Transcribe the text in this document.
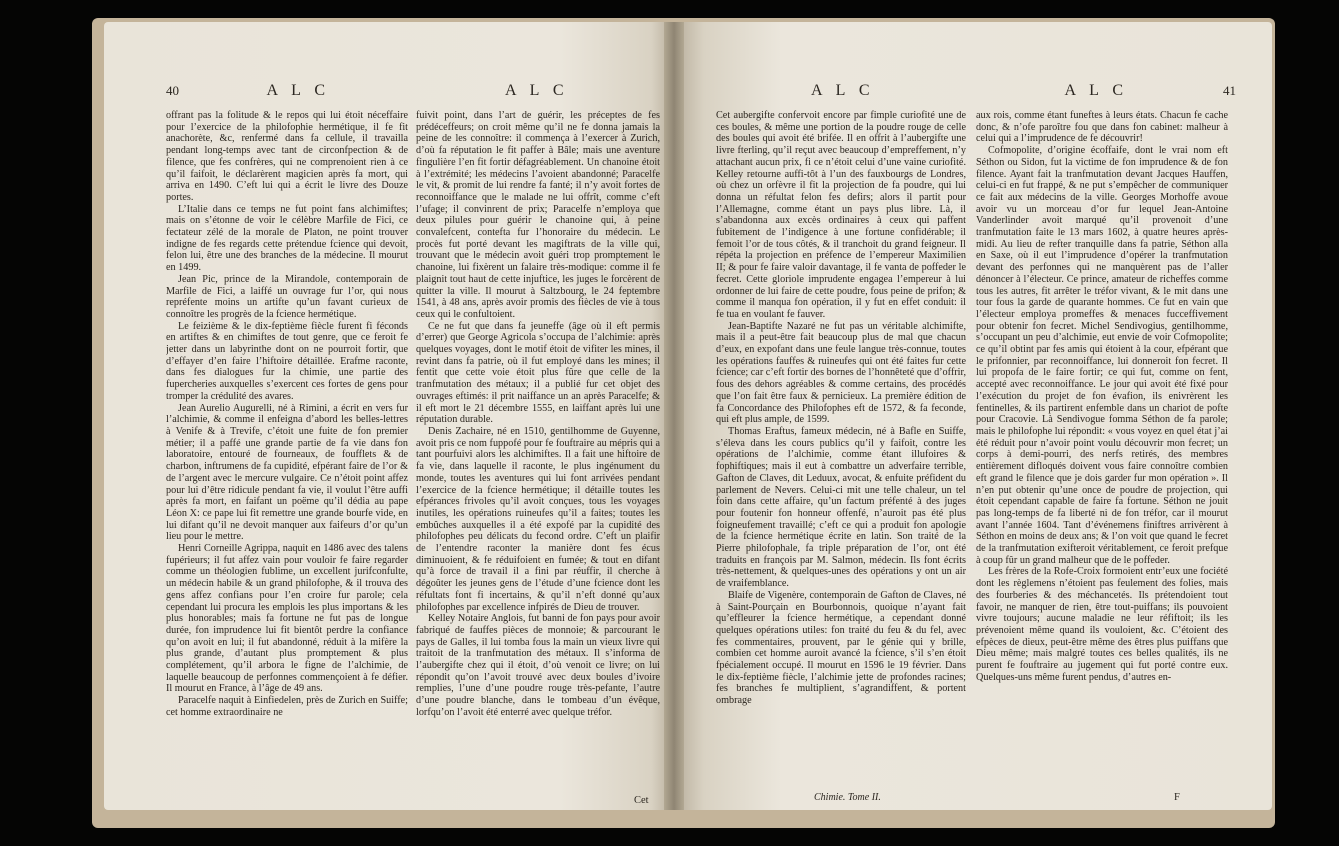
40	A L C	A L C

offrant pas la folitude & le repos qui lui étoit néceffaire pour l’exercice de la philofophie hermétique, il fe fit anachorète, &c, renfermé dans fa cellule, il travailla pendant long-temps avec tant de circonfpection & de filence, que fes confrères, qui ne comprenoient rien à ce qu’il faifoit, le déclarèrent magicien après fa mort, qui arriva en 1490. C’eft lui qui a écrit le livre des Douze portes.

L’Italie dans ce temps ne fut point fans alchimiftes; mais on s’étonne de voir le célèbre Marfile de Fici, ce fectateur zélé de la morale de Platon, ne point trouver indigne de fes regards cette prétendue fcience qui devoit, felon lui, être une des branches de la médecine. Il mourut en 1499.

Jean Pic, prince de la Mirandole, contemporain de Marfile de Fici, a laiffé un ouvrage fur l’or, qui nous repréfente moins un artifte qu’un favant curieux de connoître les progrès de la fcience hermétique.

Le feizième & le dix-feptième fiècle furent fi féconds en artiftes & en chimiftes de tout genre, que ce feroit fe jetter dans un labyrinthe dont on ne pourroit fortir, que d’effayer d’en faire l’hiftoire détaillée. Erafme raconte, dans fes dialogues fur la chimie, une partie des fupercheries auxquelles s’exercent ces fortes de gens pour tromper la crédulité des avares.

Jean Aurelio Augurelli, né à Rimini, a écrit en vers fur l’alchimie, & comme il enfeigna d’abord les belles-lettres à Venife & à Trevife, c’étoit une fuite de fon premier métier; il a paffé une grande partie de fa vie dans fon laboratoire, entouré de fourneaux, de foufflets & de charbon, inftrumens de fa cupidité, efpérant faire de l’or & de l’argent avec le mercure vulgaire. Ce n’étoit point affez pour lui d’être ridicule pendant fa vie, il voulut l’être auffi après fa mort, en faifant un poëme qu’il dédia au pape Léon X: ce pape lui fit remettre une grande bourfe vide, en lui difant qu’il ne devoit manquer aux faifeurs d’or qu’un lieu pour le mettre.

Henri Corneille Agrippa, naquit en 1486 avec des talens fupérieurs; il fut affez vain pour vouloir fe faire regarder comme un théologien fublime, un excellent jurifconfulte, un médecin habile & un grand philofophe, & il trouva des gens affez confians pour l’en croire fur parole; cela cependant lui procura les emplois les plus importans & les plus honorables; mais fa fortune ne fut pas de longue durée, fon imprudence lui fit bientôt perdre la confiance qu’on avoit en lui; il fut abandonné, réduit à la mifère la plus grande, d’autant plus promptement & plus complétement, qu’il arbora le figne de l’alchimie, de laquelle beaucoup de perfonnes commençoient à fe défier. Il mourut en France, à l’âge de 49 ans.

Paracelfe naquit à Einfiedelen, près de Zurich en Suiffe; cet homme extraordinaire ne

fuivit point, dans l’art de guérir, les préceptes de fes prédéceffeurs; on croit même qu’il ne fe donna jamais la peine de les connoître: il commença à l’exercer à Zurich, d’où fa réputation le fit paffer à Bâle; mais une aventure fingulière l’en fit fortir défagréablement. Un chanoine étoit à l’extrémité; les médecins l’avoient abandonné; Paracelfe le vit, & promit de lui rendre fa fanté; il n’y avoit fortes de reconnoiffance que le malade ne lui offrît, comme c’eft l’ufage; il convinrent de prix; Paracelfe n’employa que deux pilules pour guérir le chanoine qui, à peine convalefcent, contefta fur l’honoraire du médecin. Le procès fut porté devant les magiftrats de la ville qui, trouvant que le médecin avoit guéri trop promptement le chanoine, lui fixèrent un falaire très-modique: comme il fe plaignit tout haut de cette injuftice, les juges le forcèrent de quitter la ville. Il mourut à Saltzbourg, le 24 feptembre 1541, à 48 ans, après avoir promis des fiècles de vie à tous ceux qui le confultoient.

Ce ne fut que dans fa jeuneffe (âge où il eft permis d’errer) que George Agricola s’occupa de l’alchimie: après quelques voyages, dont le motif étoit de vifiter les mines, il revint dans fa patrie, où il fut employé dans les mines; il fentit que cette voie étoit plus fûre que celle de la tranfmutation des métaux; il a publié fur cet objet des ouvrages eftimés: il prit naiffance un an après Paracelfe; & il eft mort le 21 décembre 1555, en laiffant après lui une réputation durable.

Denis Zachaire, né en 1510, gentilhomme de Guyenne, avoit pris ce nom fuppofé pour fe fouftraire au mépris qui a tant pourfuivi alors les alchimiftes. Il a fait une hiftoire de fa vie, dans laquelle il raconte, le plus ingénument du monde, toutes les aventures qui lui font arrivées pendant l’exercice de la fcience hermétique; il détaille toutes les efpérances frivoles qu’il avoit conçues, tous les voyages inutiles, les opérations ruineufes qu’il a faites; toutes les embûches auxquelles il a été expofé par la cupidité des philofophes peu délicats du fecond ordre. C’eft un plaifir de l’entendre raconter la manière dont fes écus diminuoient, & fe réduifoient en fumée; & tout en difant qu’à force de travail il a fini par réuffir, il cherche à dégoûter les jeunes gens de l’étude d’une fcience dont les réfultats font fi incertains, & qu’il n’eft donné qu’aux philofophes par excellence infpirés de Dieu de trouver.

Kelley Notaire Anglois, fut banni de fon pays pour avoir fabriqué de fauffes pièces de monnoie; & parcourant le pays de Galles, il lui tomba fous la main un vieux livre qui traitoit de la tranfmutation des métaux. Il s’informa de l’aubergifte chez qui il étoit, d’où venoit ce livre; on lui répondit qu’on l’avoit trouvé avec deux boules d’ivoire remplies, l’une d’une poudre rouge très-pefante, l’autre d’une poudre blanche, dans le tombeau d’un évêque, lorfqu’on l’avoit été enterré avec quelque tréfor.

Cet
A L C	A L C	41

Cet aubergifte confervoit encore par fimple curiofité une de ces boules, & même une portion de la poudre rouge de celle des boules qui avoit été brifée. Il en offrit à l’aubergifte une livre fterling, qu’il reçut avec beaucoup d’empreffement, n’y attachant aucun prix, fi ce n’étoit celui d’une vaine curiofité. Kelley retourne auffi-tôt à l’un des fauxbourgs de Londres, où chez un orfèvre il fit la projection de fa poudre, qui lui donna un réfultat felon fes defirs; alors il partit pour l’Allemagne, comme étant un pays plus libre. Là, il s’abandonna aux excès ordinaires à ceux qui paffent fubitement de l’indigence à une fortune confidérable; il femoit l’or de tous côtés, & il tranchoit du grand feigneur. Il répéta la projection en préfence de l’empereur Maximilien II; & pour fe faire valoir davantage, il fe vanta de poffeder le fecret. Cette gloriole imprudente engagea l’empereur à lui ordonner de lui faire de cette poudre, fous peine de prifon; & comme il manqua fon opération, il y fut en effet conduit: il fe tua en voulant fe fauver.

Jean-Baptifte Nazaré ne fut pas un véritable alchimifte, mais il a peut-être fait beaucoup plus de mal que chacun d’eux, en expofant dans une feule langue très-connue, toutes les opérations fauffes & ruineufes qui ont été faites fur cette fcience; car c’eft fortir des bornes de l’honnêteté que d’offrir, fous des dehors agréables & comme certains, des procédés que l’on fait être faux & pernicieux. La première édition de fa Concordance des Philofophes eft de 1572, & fa feconde, qui eft plus ample, de 1599.

Thomas Eraftus, fameux médecin, né à Bafle en Suiffe, s’éleva dans les cours publics qu’il y faifoit, contre les opérations de l’alchimie, comme étant illufoires & fophiftiques; mais il eut à combattre un adverfaire terrible, Gafton de Claves, dit Leduux, avocat, & enfuite préfident du parlement de Nevers. Celui-ci mit une telle chaleur, un tel foin dans cette affaire, qu’un factum préfenté à des juges pour foutenir fon honneur offenfé, n’auroit pas été plus foigneufement travaillé; c’eft ce qui a produit fon apologie de la fcience hermétique écrite en latin. Son traité de la Pierre philofophale, fa triple préparation de l’or, ont été traduits en françois par M. Salmon, médecin. Ils font écrits très-nettement, & quelques-unes des opérations y ont un air de vraifemblance.

Blaife de Vigenère, contemporain de Gafton de Claves, né à Saint-Pourçain en Bourbonnois, quoique n’ayant fait qu’effleurer la fcience hermétique, a cependant donné quelques opérations utiles: fon traité du feu & du fel, avec fes commentaires, prouvent, par le génie qui y brille, combien cet homme auroit avancé la fcience, s’il s’en étoit fpécialement occupé. Il mourut en 1596 le 19 février. Dans le dix-feptième fiècle, l’alchimie jette de profondes racines; fes branches fe multiplient, s’agrandiffent, & portent ombrage

aux rois, comme étant funeftes à leurs états. Chacun fe cache donc, & n’ofe paroître fou que dans fon cabinet: malheur à celui qui a l’imprudence de fe découvrir!

Cofmopolite, d’origine écoffaife, dont le vrai nom eft Séthon ou Sidon, fut la victime de fon imprudence & de fon filence. Ayant fait la tranfmutation devant Jacques Hauffen, celui-ci en fut frappé, & ne put s’empêcher de communiquer ce fait aux médecins de la ville. Georges Morhoffe avoue avoir vu un morceau d’or fur lequel Jean-Antoine Vanderlinder avoit marqué qu’il provenoit d’une tranfmutation faite le 13 mars 1602, à quatre heures après-midi. Au lieu de refter tranquille dans fa patrie, Séthon alla en Saxe, où il eut l’imprudence d’opérer la tranfmutation devant des perfonnes qui ne manquèrent pas de l’aller dénoncer à l’électeur. Ce prince, amateur de richeffes comme tous les autres, fit arrêter le tréfor vivant, & le mit dans une tour fous la garde de quarante hommes. Ce fut en vain que l’électeur employa promeffes & menaces fucceffivement pour obtenir fon fecret. Michel Sendivogius, gentilhomme, s’occupant un peu d’alchimie, eut envie de voir Cofmopolite; ce qu’il obtint par fes amis qui étoient à la cour, efpérant que le prifonnier, par reconnoiffance, lui donneroit fon fecret. Il lui propofa de le faire fortir; ce qui fut, comme on fent, accepté avec reconnoiffance. Le jour qui avoit été fixé pour l’exécution du projet de fon évafion, ils enivrèrent les fentinelles, & ils partirent enfemble dans un chariot de pofte pour Cracovie. Là Sendivogue fomma Séthon de fa parole; mais le philofophe lui répondit: « vous voyez en quel état j’ai été réduit pour n’avoir point voulu découvrir mon fecret; un corps à demi-pourri, des nerfs retirés, des membres entièrement difloqués doivent vous faire connoître combien eft grand le filence que je dois garder fur mon opération ». Il n’en put obtenir qu’une once de poudre de projection, qui étoit cependant capable de faire fa fortune. Séthon ne jouit pas long-temps de fa liberté ni de fon tréfor, car il mourut avant l’année 1604. Tant d’événemens finiftres arrivèrent à Séthon en moins de deux ans; & l’on voit que quand le fecret de la tranfmutation exifteroit véritablement, ce feroit prefque à coup fûr un grand malheur que de le poffeder.

Les frères de la Rofe-Croix formoient entr’eux une fociété dont les règlemens n’étoient pas feulement des folies, mais des fourberies & des méchancetés. Ils prétendoient tout favoir, ne manquer de rien, être tout-puiffans; ils pouvoient vivre toujours; aucune maladie ne leur réfiftoit; ils les prévenoient même quand ils vouloient, &c. C’étoient des efpèces de dieux, peut-être même des êtres plus puiffans que Dieu même; mais malgré toutes ces belles qualités, ils ne purent fe fouftraire au jugement qui fut porté contre eux. Quelques-uns même furent pendus, d’autres en-

Chimie. Tome II.	F
